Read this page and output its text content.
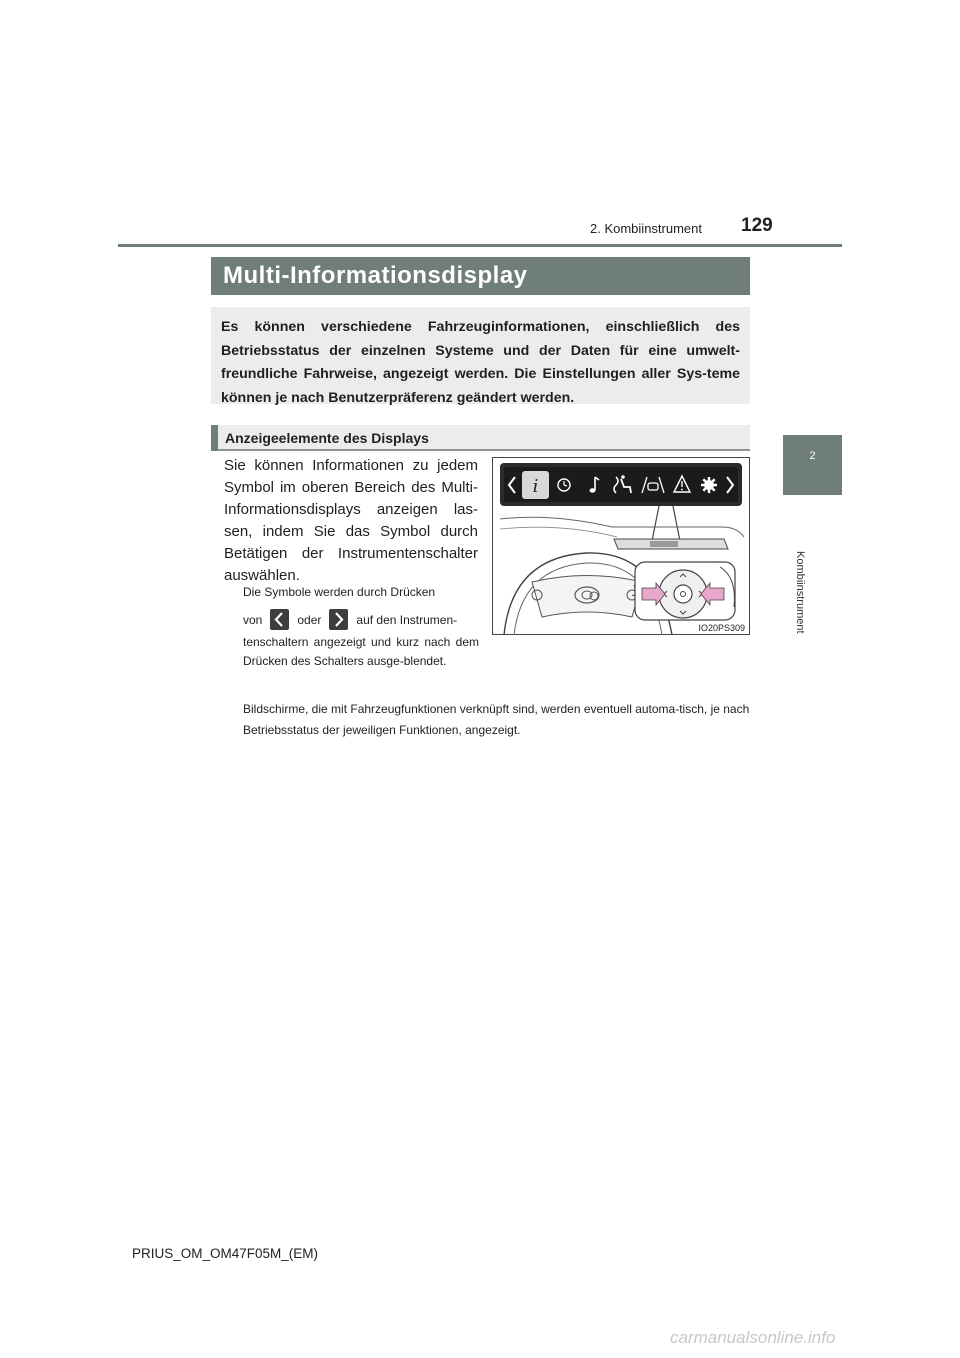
2. Kombiinstrument 129
2
Kombiinstrument
Multi-Informationsdisplay
Es können verschiedene Fahrzeuginformationen, einschließlich des Betriebsstatus der einzelnen Systeme und der Daten für eine umwelt-freundliche Fahrweise, angezeigt werden. Die Einstellungen aller Sys-teme können je nach Benutzerpräferenz geändert werden.
Anzeigeelemente des Displays
Sie können Informationen zu jedem Symbol im oberen Bereich des Multi-Informationsdisplays anzeigen las-sen, indem Sie das Symbol durch Betätigen der Instrumentenschalter auswählen.
Die Symbole werden durch Drücken
von	oder	auf den Instrumen-
tenschaltern angezeigt und kurz nach dem Drücken des Schalters ausge-blendet.
Bildschirme, die mit Fahrzeugfunktionen verknüpft sind, werden eventuell automa-tisch, je nach Betriebsstatus der jeweiligen Funktionen, angezeigt.
i
IO20PS309
PRIUS_OM_OM47F05M_(EM)
carmanualsonline.info
